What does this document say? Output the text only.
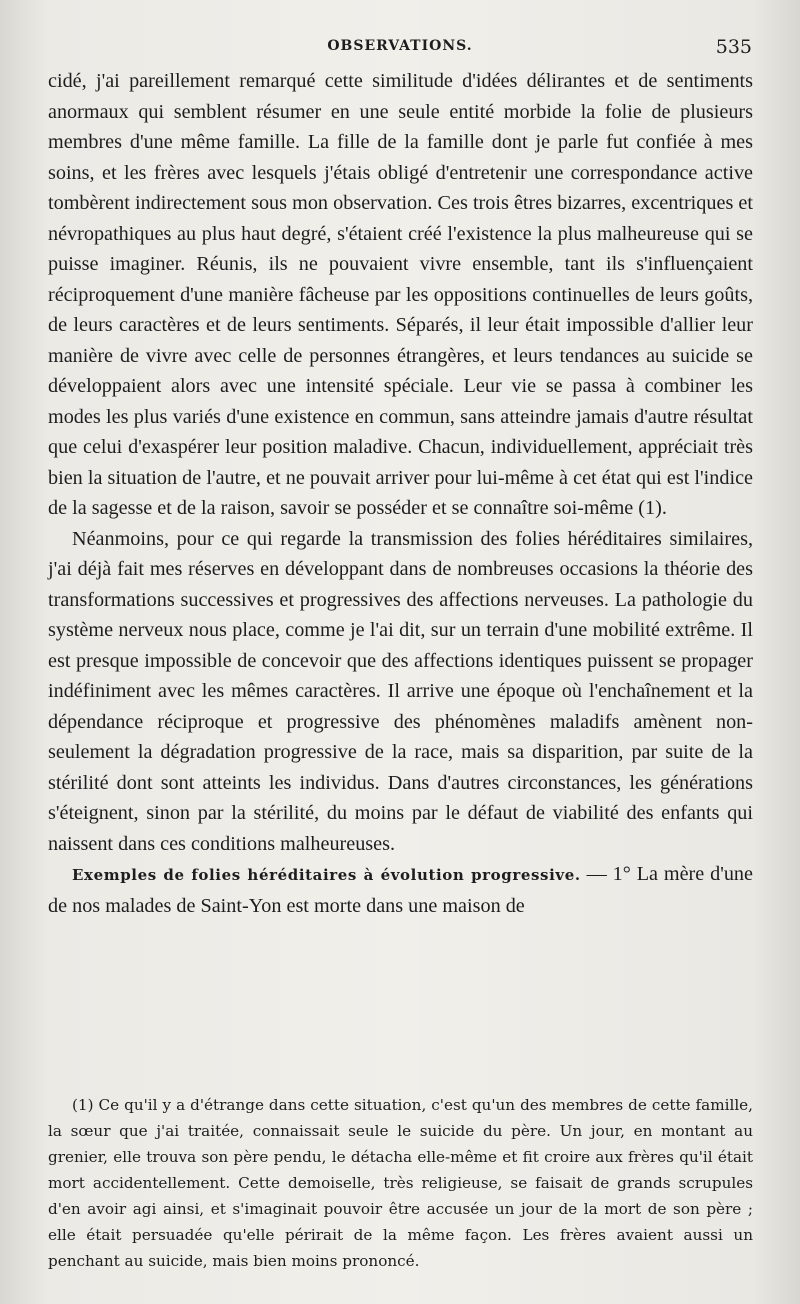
OBSERVATIONS.	535

cidé, j'ai pareillement remarqué cette similitude d'idées délirantes et de sentiments anormaux qui semblent résumer en une seule entité morbide la folie de plusieurs membres d'une même famille. La fille de la famille dont je parle fut confiée à mes soins, et les frères avec lesquels j'étais obligé d'entretenir une correspondance active tombèrent indirectement sous mon observation. Ces trois êtres bizarres, excentriques et névropathiques au plus haut degré, s'étaient créé l'existence la plus malheureuse qui se puisse imaginer. Réunis, ils ne pouvaient vivre ensemble, tant ils s'influençaient réciproquement d'une manière fâcheuse par les oppositions continuelles de leurs goûts, de leurs caractères et de leurs sentiments. Séparés, il leur était impossible d'allier leur manière de vivre avec celle de personnes étrangères, et leurs tendances au suicide se développaient alors avec une intensité spéciale. Leur vie se passa à combiner les modes les plus variés d'une existence en commun, sans atteindre jamais d'autre résultat que celui d'exaspérer leur position maladive. Chacun, individuellement, appréciait très bien la situation de l'autre, et ne pouvait arriver pour lui-même à cet état qui est l'indice de la sagesse et de la raison, savoir se posséder et se connaître soi-même (1).

Néanmoins, pour ce qui regarde la transmission des folies héréditaires similaires, j'ai déjà fait mes réserves en développant dans de nombreuses occasions la théorie des transformations successives et progressives des affections nerveuses. La pathologie du système nerveux nous place, comme je l'ai dit, sur un terrain d'une mobilité extrême. Il est presque impossible de concevoir que des affections identiques puissent se propager indéfiniment avec les mêmes caractères. Il arrive une époque où l'enchaînement et la dépendance réciproque et progressive des phénomènes maladifs amènent non-seulement la dégradation progressive de la race, mais sa disparition, par suite de la stérilité dont sont atteints les individus. Dans d'autres circonstances, les générations s'éteignent, sinon par la stérilité, du moins par le défaut de viabilité des enfants qui naissent dans ces conditions malheureuses.

Exemples de folies héréditaires à évolution progressive. — 1° La mère d'une de nos malades de Saint-Yon est morte dans une maison de

(1) Ce qu'il y a d'étrange dans cette situation, c'est qu'un des membres de cette famille, la sœur que j'ai traitée, connaissait seule le suicide du père. Un jour, en montant au grenier, elle trouva son père pendu, le détacha elle-même et fit croire aux frères qu'il était mort accidentellement. Cette demoiselle, très religieuse, se faisait de grands scrupules d'en avoir agi ainsi, et s'imaginait pouvoir être accusée un jour de la mort de son père ; elle était persuadée qu'elle périrait de la même façon. Les frères avaient aussi un penchant au suicide, mais bien moins prononcé.
